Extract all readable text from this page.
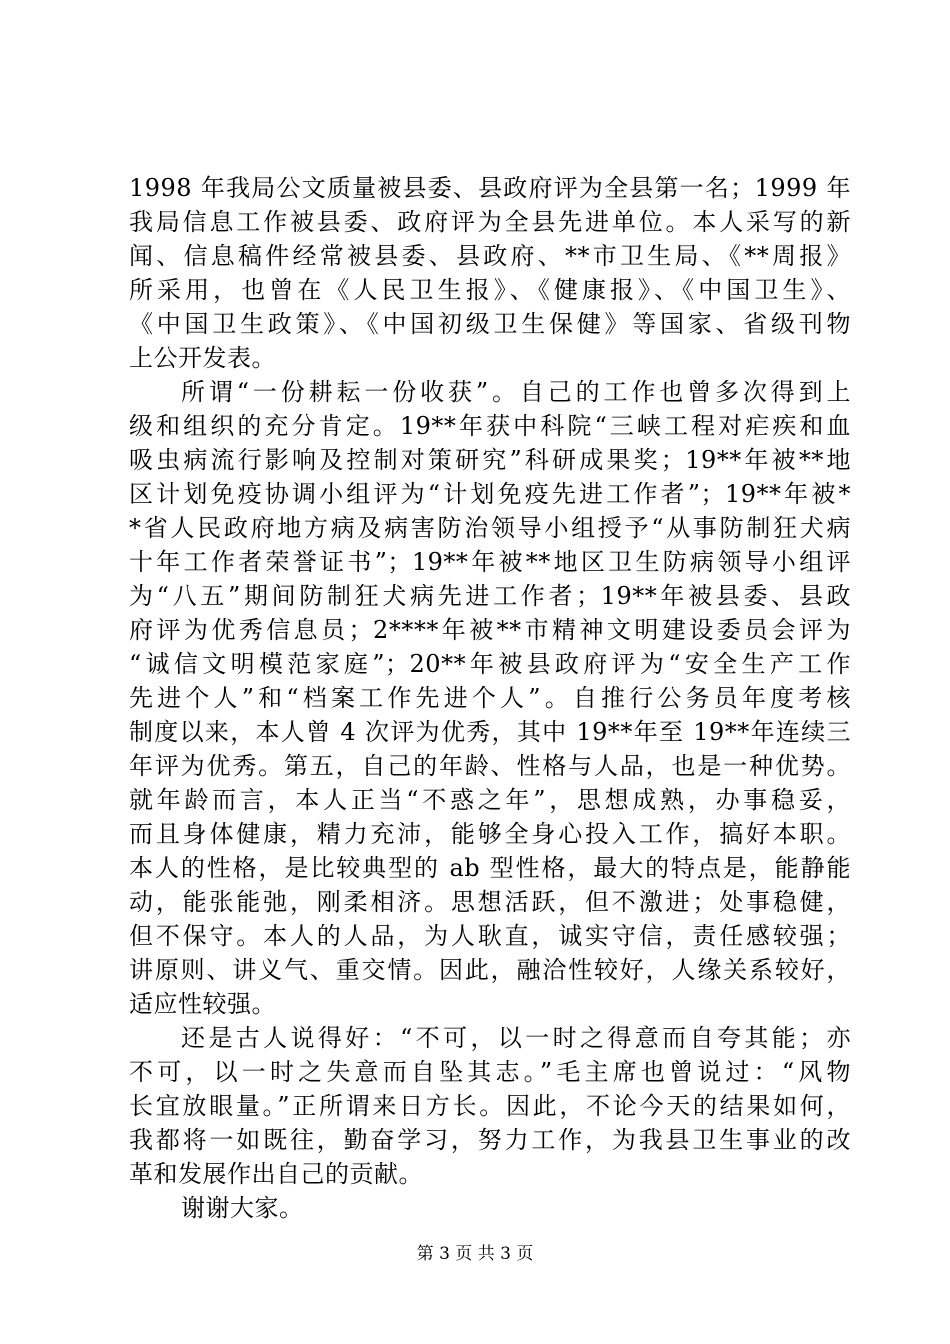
1998 年我局公文质量被县委、县政府评为全县第一名；1999 年
我局信息工作被县委、政府评为全县先进单位。本人采写的新
闻、信息稿件经常被县委、县政府、**市卫生局、《**周报》
所采用，也曾在《人民卫生报》、《健康报》、《中国卫生》、
《中国卫生政策》、《中国初级卫生保健》等国家、省级刊物
上公开发表。
所谓“一份耕耘一份收获”。自己的工作也曾多次得到上
级和组织的充分肯定。19**年获中科院“三峡工程对疟疾和血
吸虫病流行影响及控制对策研究”科研成果奖；19**年被**地
区计划免疫协调小组评为“计划免疫先进工作者”；19**年被*
*省人民政府地方病及病害防治领导小组授予“从事防制狂犬病
十年工作者荣誉证书”；19**年被**地区卫生防病领导小组评
为“八五”期间防制狂犬病先进工作者；19**年被县委、县政
府评为优秀信息员；2****年被**市精神文明建设委员会评为
“诚信文明模范家庭”；20**年被县政府评为“安全生产工作
先进个人”和“档案工作先进个人”。自推行公务员年度考核
制度以来，本人曾 4 次评为优秀，其中 19**年至 19**年连续三
年评为优秀。第五，自己的年龄、性格与人品，也是一种优势。
就年龄而言，本人正当“不惑之年”，思想成熟，办事稳妥，
而且身体健康，精力充沛，能够全身心投入工作，搞好本职。
本人的性格，是比较典型的 ab 型性格，最大的特点是，能静能
动，能张能弛，刚柔相济。思想活跃，但不激进；处事稳健，
但不保守。本人的人品，为人耿直，诚实守信，责任感较强；
讲原则、讲义气、重交情。因此，融洽性较好，人缘关系较好，
适应性较强。
还是古人说得好：“不可，以一时之得意而自夸其能；亦
不可，以一时之失意而自坠其志。”毛主席也曾说过：“风物
长宜放眼量。”正所谓来日方长。因此，不论今天的结果如何，
我都将一如既往，勤奋学习，努力工作，为我县卫生事业的改
革和发展作出自己的贡献。
谢谢大家。
第 3 页 共 3 页
